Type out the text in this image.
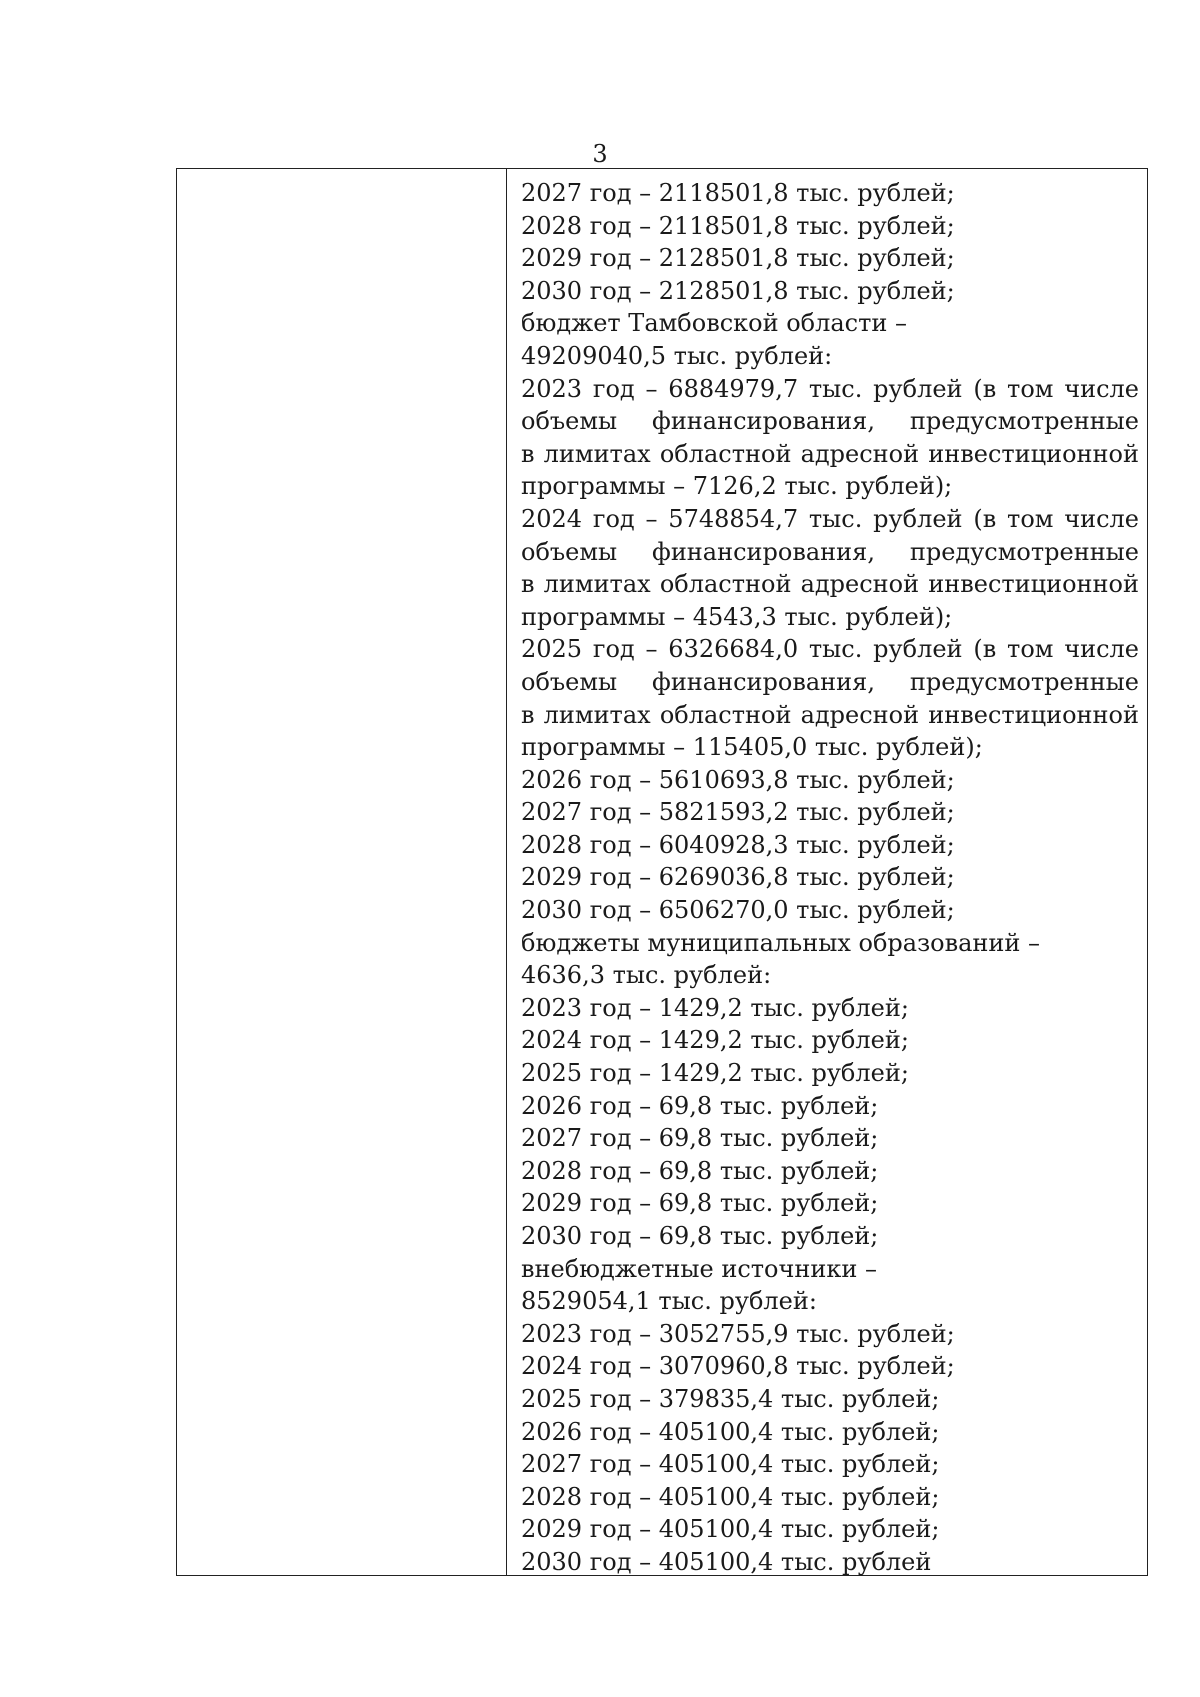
3
2027 год – 2118501,8 тыс. рублей;
2028 год – 2118501,8 тыс. рублей;
2029 год – 2128501,8 тыс. рублей;
2030 год – 2128501,8 тыс. рублей;
бюджет Тамбовской области –
49209040,5 тыс. рублей:
2023 год – 6884979,7 тыс. рублей (в том числе
объемы финансирования, предусмотренные
в лимитах областной адресной инвестиционной
программы – 7126,2 тыс. рублей);
2024 год – 5748854,7 тыс. рублей (в том числе
объемы финансирования, предусмотренные
в лимитах областной адресной инвестиционной
программы – 4543,3 тыс. рублей);
2025 год – 6326684,0 тыс. рублей (в том числе
объемы финансирования, предусмотренные
в лимитах областной адресной инвестиционной
программы – 115405,0 тыс. рублей);
2026 год – 5610693,8 тыс. рублей;
2027 год – 5821593,2 тыс. рублей;
2028 год – 6040928,3 тыс. рублей;
2029 год – 6269036,8 тыс. рублей;
2030 год – 6506270,0 тыс. рублей;
бюджеты муниципальных образований –
4636,3 тыс. рублей:
2023 год – 1429,2 тыс. рублей;
2024 год – 1429,2 тыс. рублей;
2025 год – 1429,2 тыс. рублей;
2026 год – 69,8 тыс. рублей;
2027 год – 69,8 тыс. рублей;
2028 год – 69,8 тыс. рублей;
2029 год – 69,8 тыс. рублей;
2030 год – 69,8 тыс. рублей;
внебюджетные источники –
8529054,1 тыс. рублей:
2023 год – 3052755,9 тыс. рублей;
2024 год – 3070960,8 тыс. рублей;
2025 год – 379835,4 тыс. рублей;
2026 год – 405100,4 тыс. рублей;
2027 год – 405100,4 тыс. рублей;
2028 год – 405100,4 тыс. рублей;
2029 год – 405100,4 тыс. рублей;
2030 год – 405100,4 тыс. рублей
